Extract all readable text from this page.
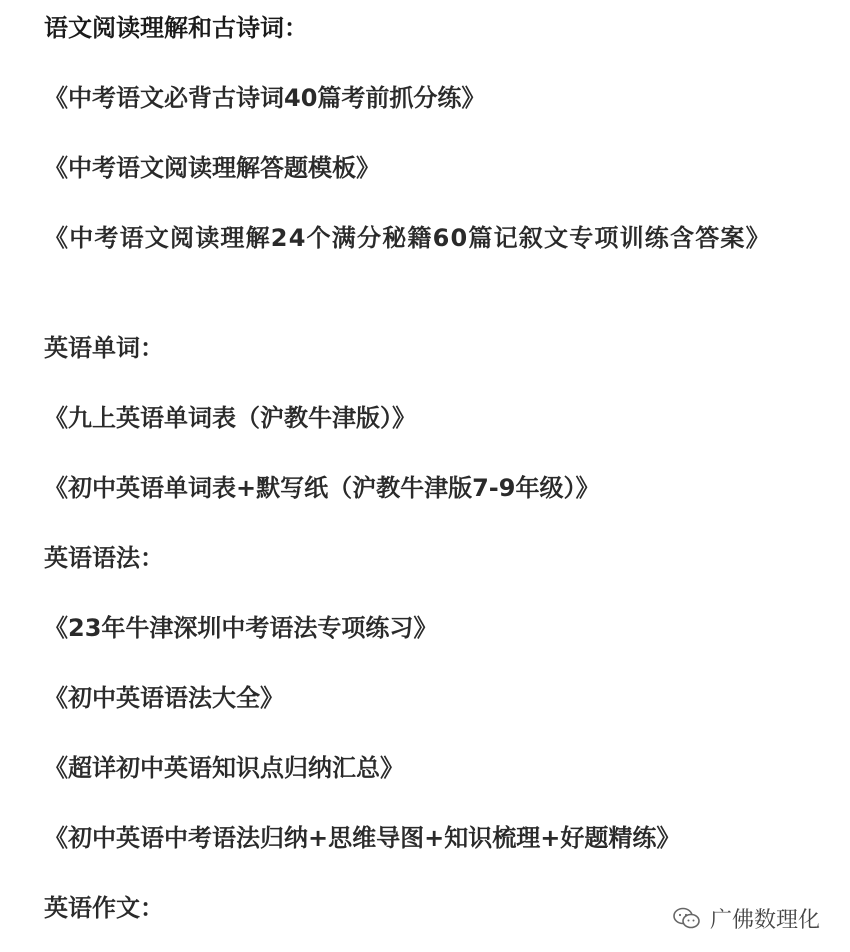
语文阅读理解和古诗词：
《中考语文必背古诗词40篇考前抓分练》
《中考语文阅读理解答题模板》
《中考语文阅读理解24个满分秘籍60篇记叙文专项训练含答案》
英语单词：
《九上英语单词表（沪教牛津版）》
《初中英语单词表+默写纸（沪教牛津版7-9年级）》
英语语法：
《23年牛津深圳中考语法专项练习》
《初中英语语法大全》
《超详初中英语知识点归纳汇总》
《初中英语中考语法归纳+思维导图+知识梳理+好题精练》
英语作文：	广佛数理化
